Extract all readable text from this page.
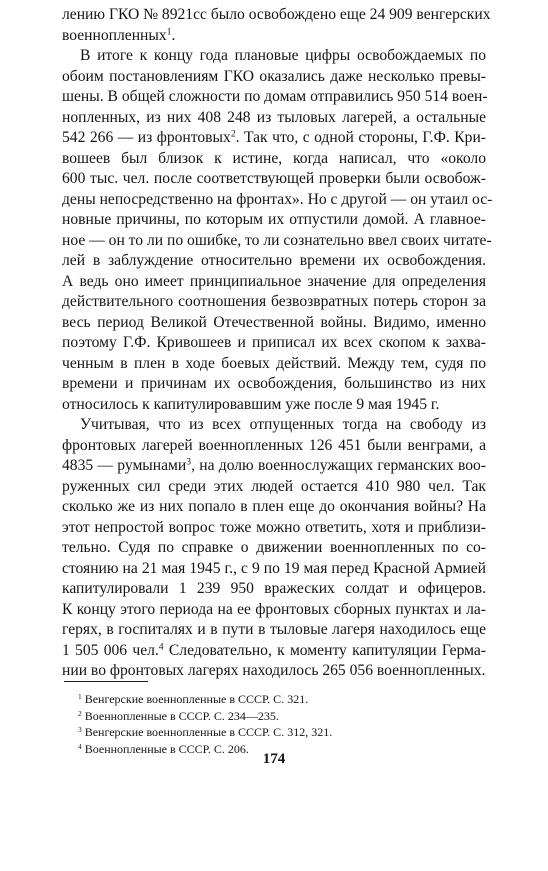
лению ГКО № 8921сс было освобождено еще 24 909 венгерских
военнопленных$^1$.
В итоге к концу года плановые цифры освобождаемых по
обоим постановлениям ГКО оказались даже несколько превы-
шены. В общей сложности по домам отправились 950 514 воен-
нопленных, из них 408 248 из тыловых лагерей, а остальные
542 266 — из фронтовых$^2$. Так что, с одной стороны, Г.Ф. Кри-
вошеев был близок к истине, когда написал, что «около
600 тыс. чел. после соответствующей проверки были освобож-
дены непосредственно на фронтах». Но с другой — он утаил ос-
новные причины, по которым их отпустили домой. А главное-
ное — он то ли по ошибке, то ли сознательно ввел своих читате-
лей в заблуждение относительно времени их освобождения.
А ведь оно имеет принципиальное значение для определения
действительного соотношения безвозвратных потерь сторон за
весь период Великой Отечественной войны. Видимо, именно
поэтому Г.Ф. Кривошеев и приписал их всех скопом к захва-
ченным в плен в ходе боевых действий. Между тем, судя по
времени и причинам их освобождения, большинство из них
относилось к капитулировавшим уже после 9 мая 1945 г.
Учитывая, что из всех отпущенных тогда на свободу из
фронтовых лагерей военнопленных 126 451 были венграми, а
4835 — румынами$^3$, на долю военнослужащих германских воо-
руженных сил среди этих людей остается 410 980 чел. Так
сколько же из них попало в плен еще до окончания войны? На
этот непростой вопрос тоже можно ответить, хотя и приблизи-
тельно. Судя по справке о движении военнопленных по со-
стоянию на 21 мая 1945 г., с 9 по 19 мая перед Красной Армией
капитулировали 1 239 950 вражеских солдат и офицеров.
К концу этого периода на ее фронтовых сборных пунктах и ла-
герях, в госпиталях и в пути в тыловые лагеря находилось еще
1 505 006 чел.$^4$ Следовательно, к моменту капитуляции Герма-
нии во фронтовых лагерях находилось 265 056 военнопленных.
$^1$ Венгерские военнопленные в СССР. С. 321.
$^2$ Военнопленные в СССР. С. 234—235.
$^3$ Венгерские военнопленные в СССР. С. 312, 321.
$^4$ Военнопленные в СССР. С. 206.
174
